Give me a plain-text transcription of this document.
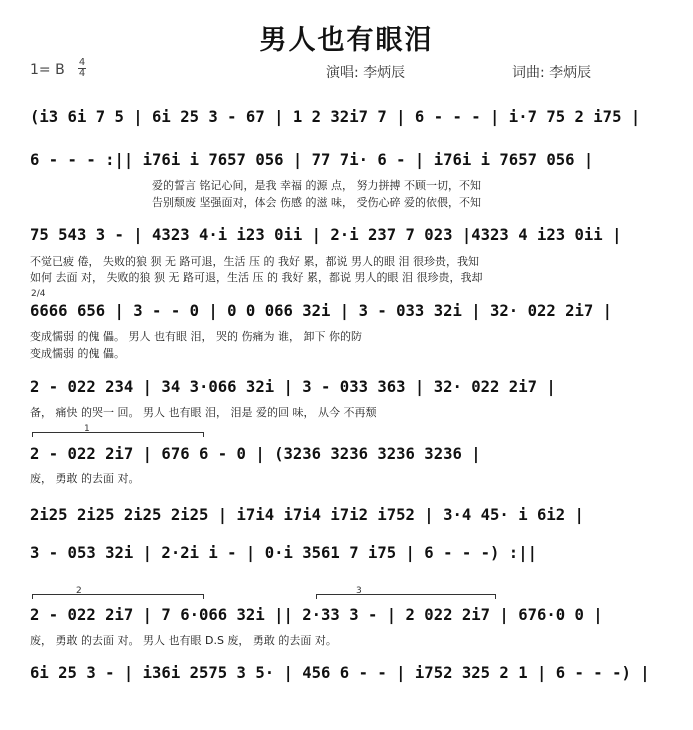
男人也有眼泪
1= B 4
4	演唱: 李炳辰	词曲: 李炳辰
(i3 6i 7 5 | 6i 25 3 - 67 | 1 2 32i7 7 | 6 - - - | i·7 75 2 i75 |
6 - - - :|| i76i i 7657 056 | 77 7i· 6 - | i76i i 7657 056 |
爱的誓言 铭记心间，是我 幸福 的源 点， 努力拼搏 不顾一切，不知
告别颓废 坚强面对，体会 伤感 的滋 味， 受伤心碎 爱的依偎，不知
75 543 3 - | 4323 4·i i23 0ii | 2·i 237 7 023 |4323 4 i23 0ii |
不觉已疲 倦， 失败的狼 狈 无 路可退，生活 压 的 我好 累，都说 男人的眼 泪 很珍贵，我知
如何 去面 对， 失败的狼 狈 无 路可退，生活 压 的 我好 累，都说 男人的眼 泪 很珍贵，我却
2/4
6666 656 | 3 - - 0 | 0 0 066 32i | 3 - 033 32i | 32· 022 2i7 |
变成懦弱 的傀 儡。 男人 也有眼 泪， 哭的 伤痛为 谁， 卸下 你的防
变成懦弱 的傀 儡。
2 - 022 234 | 34 3·066 32i | 3 - 033 363 | 32· 022 2i7 |
备， 痛快 的哭一 回。 男人 也有眼 泪， 泪是 爱的回 味， 从今 不再颓
1
2 - 022 2i7 | 676 6 - 0 | (3236 3236 3236 3236 |
废， 勇敢 的去面 对。
2i25 2i25 2i25 2i25 | i7i4 i7i4 i7i2 i752 | 3·4 45· i 6i2 |
3 - 053 32i | 2·2i i - | 0·i 3561 7 i75 | 6 - - -) :||
2	3
2 - 022 2i7 | 7 6·066 32i || 2·33 3 - | 2 022 2i7 | 676·0 0 |
废， 勇敢 的去面 对。 男人 也有眼 D.S 废， 勇敢 的去面 对。
6i 25 3 - | i36i 2575 3 5· | 456 6 - - | i752 325 2 1 | 6 - - -) |
